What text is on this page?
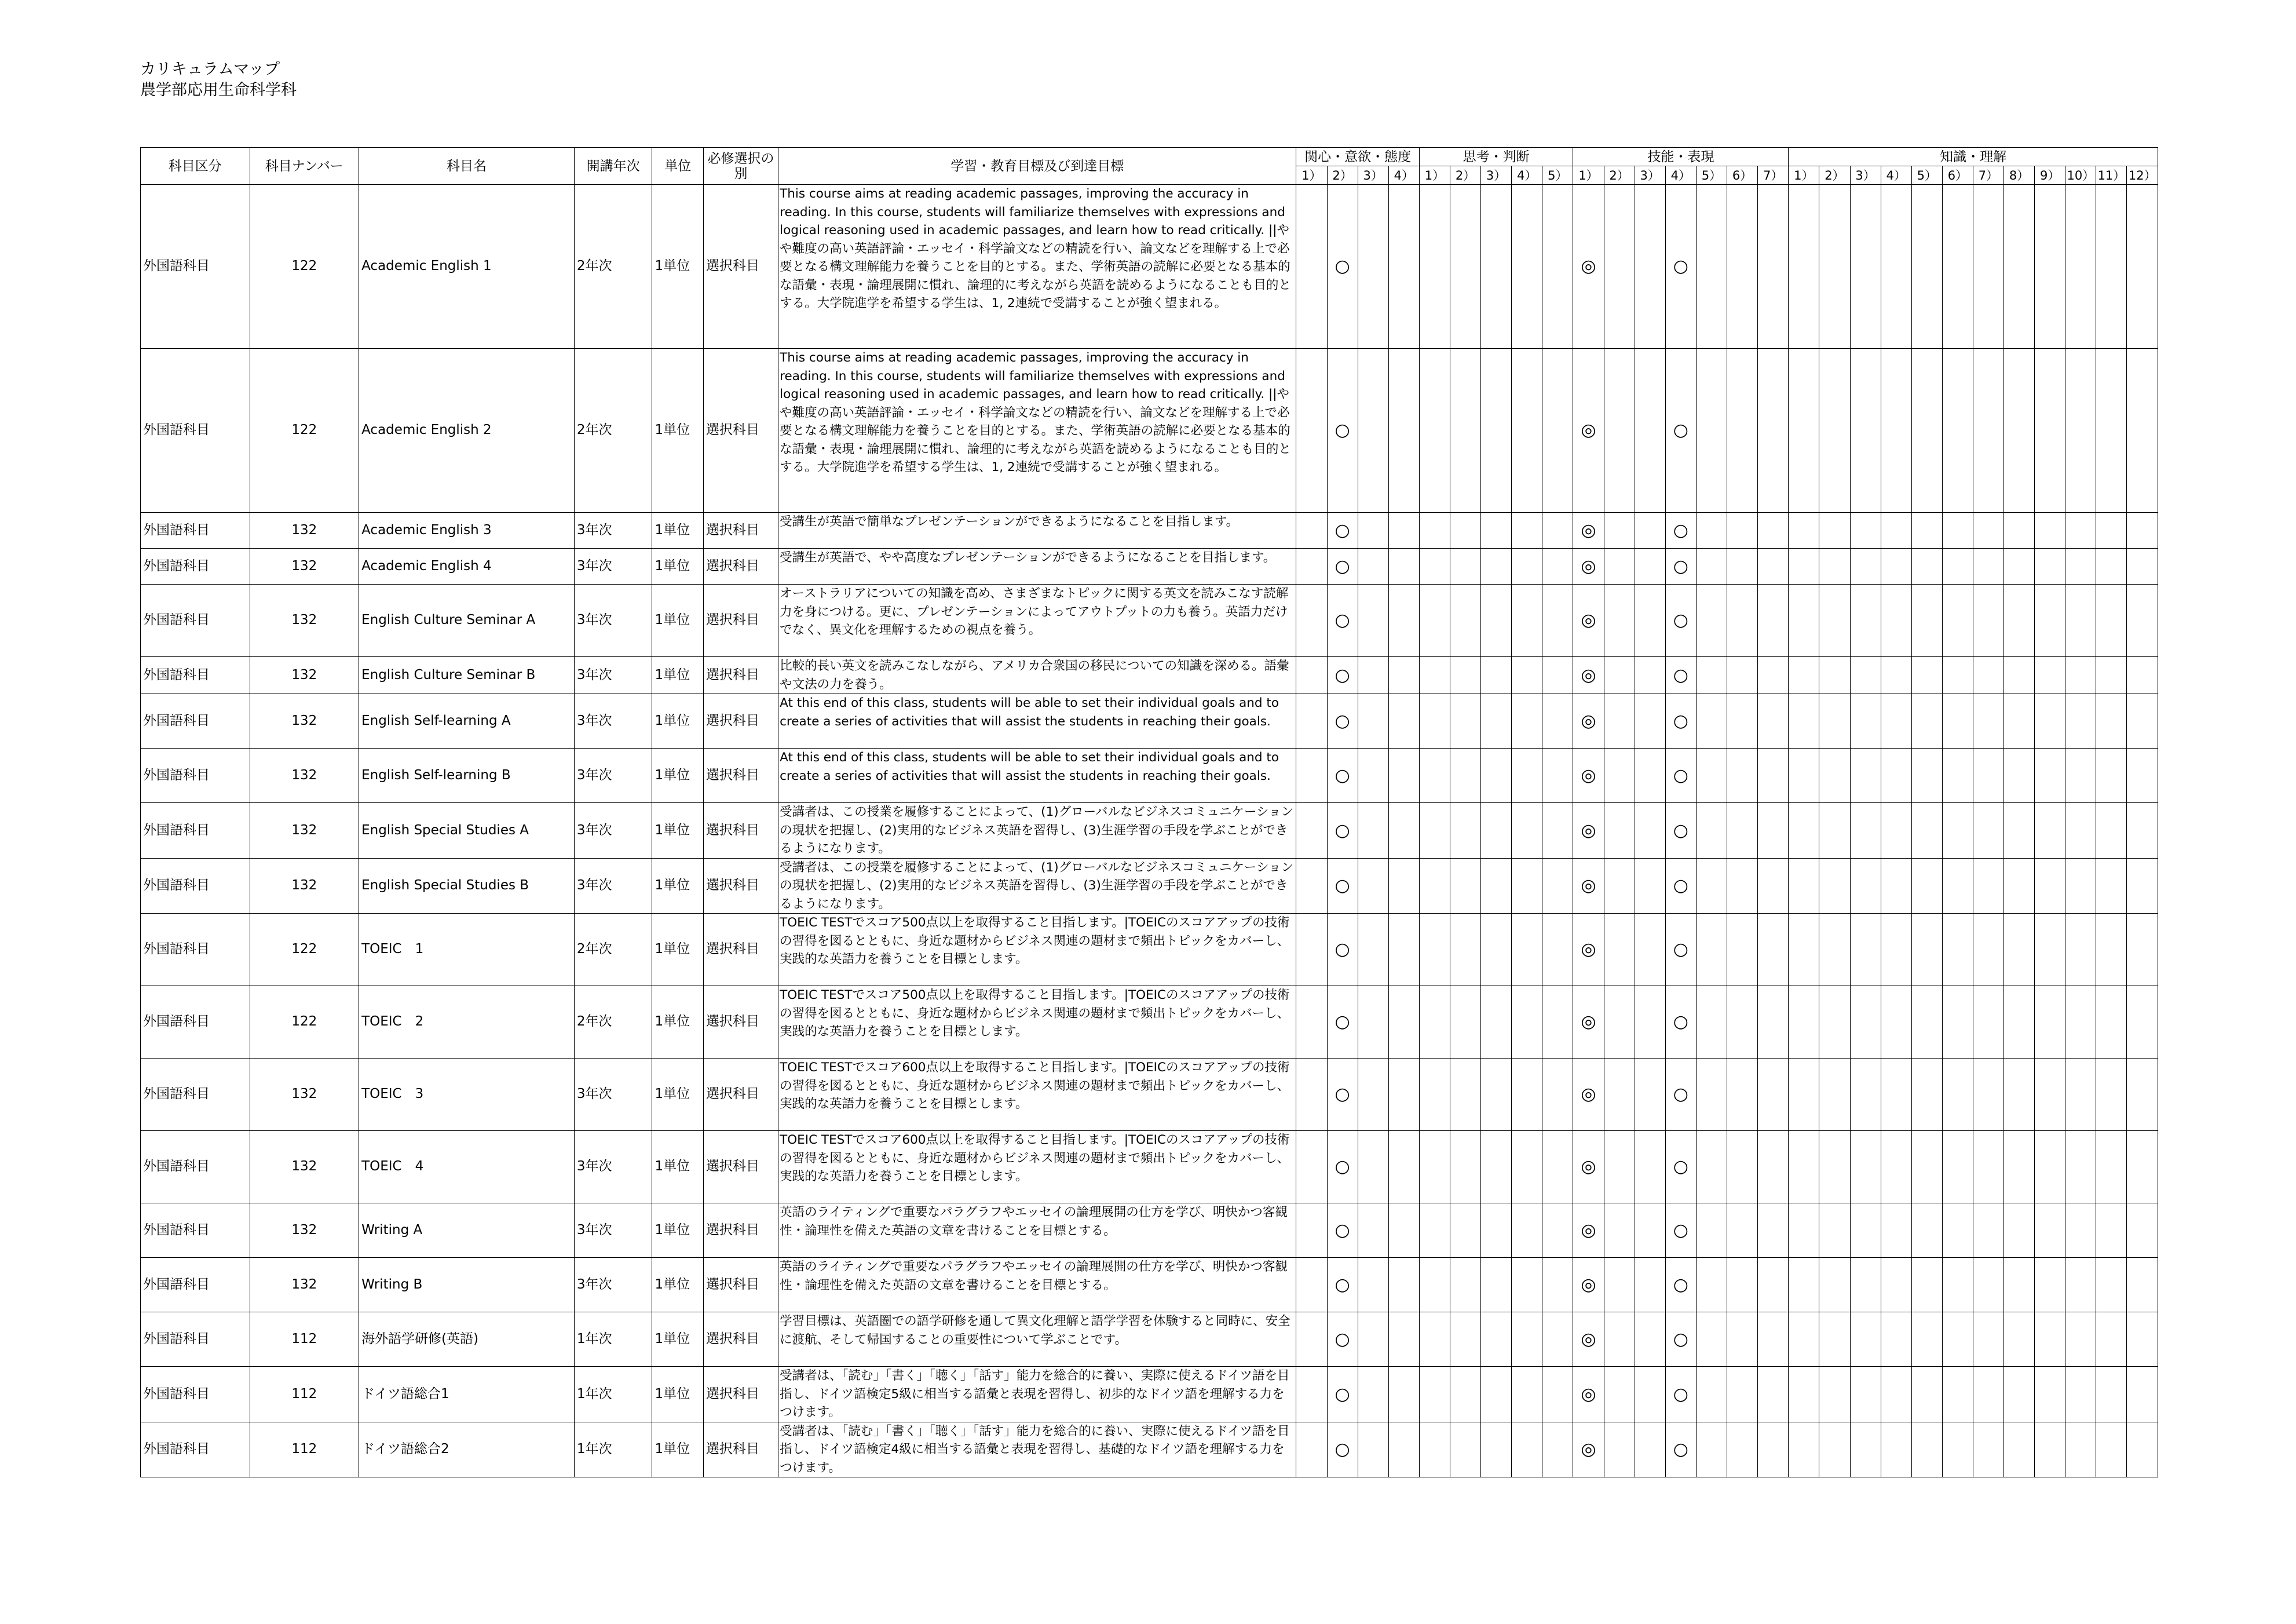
カリキュラムマップ
農学部応用生命科学科
科目区分	科目ナンバー	科目名	開講年次	単位	必修選択の別	学習・教育目標及び到達目標	関心・意欲・態度				思考・判断					技能・表現							知識・理解											
							1）	2）	3）	4）	1）	2）	3）	4）	5）	1）	2）	3）	4）	5）	6）	7）	1）	2）	3）	4）	5）	6）	7）	8）	9）	10）	11）	12）
外国語科目	122	Academic English 1	2年次	1単位	選択科目	This course aims at reading academic passages, improving the accuracy in reading. In this course, students will familiarize themselves with expressions and logical reasoning used in academic passages, and learn how to read critically. ||やや難度の高い英語評論・エッセイ・科学論文などの精読を行い、論文などを理解する上で必要となる構文理解能力を養うことを目的とする。また、学術英語の読解に必要となる基本的な語彙・表現・論理展開に慣れ、論理的に考えながら英語を読めるようになることも目的とする。大学院進学を希望する学生は、1, 2連続で受講することが強く望まれる。		○								◎			○															
外国語科目	122	Academic English 2	2年次	1単位	選択科目	This course aims at reading academic passages, improving the accuracy in reading. In this course, students will familiarize themselves with expressions and logical reasoning used in academic passages, and learn how to read critically. ||やや難度の高い英語評論・エッセイ・科学論文などの精読を行い、論文などを理解する上で必要となる構文理解能力を養うことを目的とする。また、学術英語の読解に必要となる基本的な語彙・表現・論理展開に慣れ、論理的に考えながら英語を読めるようになることも目的とする。大学院進学を希望する学生は、1, 2連続で受講することが強く望まれる。		○								◎			○															
外国語科目	132	Academic English 3	3年次	1単位	選択科目	受講生が英語で簡単なプレゼンテーションができるようになることを目指します。		○								◎			○															
外国語科目	132	Academic English 4	3年次	1単位	選択科目	受講生が英語で、やや高度なプレゼンテーションができるようになることを目指します。		○								◎			○															
外国語科目	132	English Culture Seminar A	3年次	1単位	選択科目	オーストラリアについての知識を高め、さまざまなトピックに関する英文を読みこなす読解力を身につける。更に、プレゼンテーションによってアウトプットの力も養う。英語力だけでなく、異文化を理解するための視点を養う。		○								◎			○															
外国語科目	132	English Culture Seminar B	3年次	1単位	選択科目	比較的長い英文を読みこなしながら、アメリカ合衆国の移民についての知識を深める。語彙や文法の力を養う。		○								◎			○															
外国語科目	132	English Self-learning A	3年次	1単位	選択科目	At this end of this class, students will be able to set their individual goals and to create a series of activities that will assist the students in reaching their goals.		○								◎			○															
外国語科目	132	English Self-learning B	3年次	1単位	選択科目	At this end of this class, students will be able to set their individual goals and to create a series of activities that will assist the students in reaching their goals.		○								◎			○															
外国語科目	132	English Special Studies A	3年次	1単位	選択科目	受講者は、この授業を履修することによって、(1)グローバルなビジネスコミュニケーションの現状を把握し、(2)実用的なビジネス英語を習得し、(3)生涯学習の手段を学ぶことができるようになります。		○								◎			○															
外国語科目	132	English Special Studies B	3年次	1単位	選択科目	受講者は、この授業を履修することによって、(1)グローバルなビジネスコミュニケーションの現状を把握し、(2)実用的なビジネス英語を習得し、(3)生涯学習の手段を学ぶことができるようになります。		○								◎			○															
外国語科目	122	TOEIC　1	2年次	1単位	選択科目	TOEIC TESTでスコア500点以上を取得すること目指します。|TOEICのスコアアップの技術の習得を図るとともに、身近な題材からビジネス関連の題材まで頻出トピックをカバーし、実践的な英語力を養うことを目標とします。		○								◎			○															
外国語科目	122	TOEIC　2	2年次	1単位	選択科目	TOEIC TESTでスコア500点以上を取得すること目指します。|TOEICのスコアアップの技術の習得を図るとともに、身近な題材からビジネス関連の題材まで頻出トピックをカバーし、実践的な英語力を養うことを目標とします。		○								◎			○															
外国語科目	132	TOEIC　3	3年次	1単位	選択科目	TOEIC TESTでスコア600点以上を取得すること目指します。|TOEICのスコアアップの技術の習得を図るとともに、身近な題材からビジネス関連の題材まで頻出トピックをカバーし、実践的な英語力を養うことを目標とします。		○								◎			○															
外国語科目	132	TOEIC　4	3年次	1単位	選択科目	TOEIC TESTでスコア600点以上を取得すること目指します。|TOEICのスコアアップの技術の習得を図るとともに、身近な題材からビジネス関連の題材まで頻出トピックをカバーし、実践的な英語力を養うことを目標とします。		○								◎			○															
外国語科目	132	Writing A	3年次	1単位	選択科目	英語のライティングで重要なパラグラフやエッセイの論理展開の仕方を学び、明快かつ客観性・論理性を備えた英語の文章を書けることを目標とする。		○								◎			○															
外国語科目	132	Writing B	3年次	1単位	選択科目	英語のライティングで重要なパラグラフやエッセイの論理展開の仕方を学び、明快かつ客観性・論理性を備えた英語の文章を書けることを目標とする。		○								◎			○															
外国語科目	112	海外語学研修(英語)	1年次	1単位	選択科目	学習目標は、英語圏での語学研修を通して異文化理解と語学学習を体験すると同時に、安全に渡航、そして帰国することの重要性について学ぶことです。		○								◎			○															
外国語科目	112	ドイツ語総合1	1年次	1単位	選択科目	受講者は、「読む」「書く」「聴く」「話す」能力を総合的に養い、実際に使えるドイツ語を目指し、ドイツ語検定5級に相当する語彙と表現を習得し、初歩的なドイツ語を理解する力をつけます。		○								◎			○															
外国語科目	112	ドイツ語総合2	1年次	1単位	選択科目	受講者は、「読む」「書く」「聴く」「話す」能力を総合的に養い、実際に使えるドイツ語を目指し、ドイツ語検定4級に相当する語彙と表現を習得し、基礎的なドイツ語を理解する力をつけます。		○								◎			○															
